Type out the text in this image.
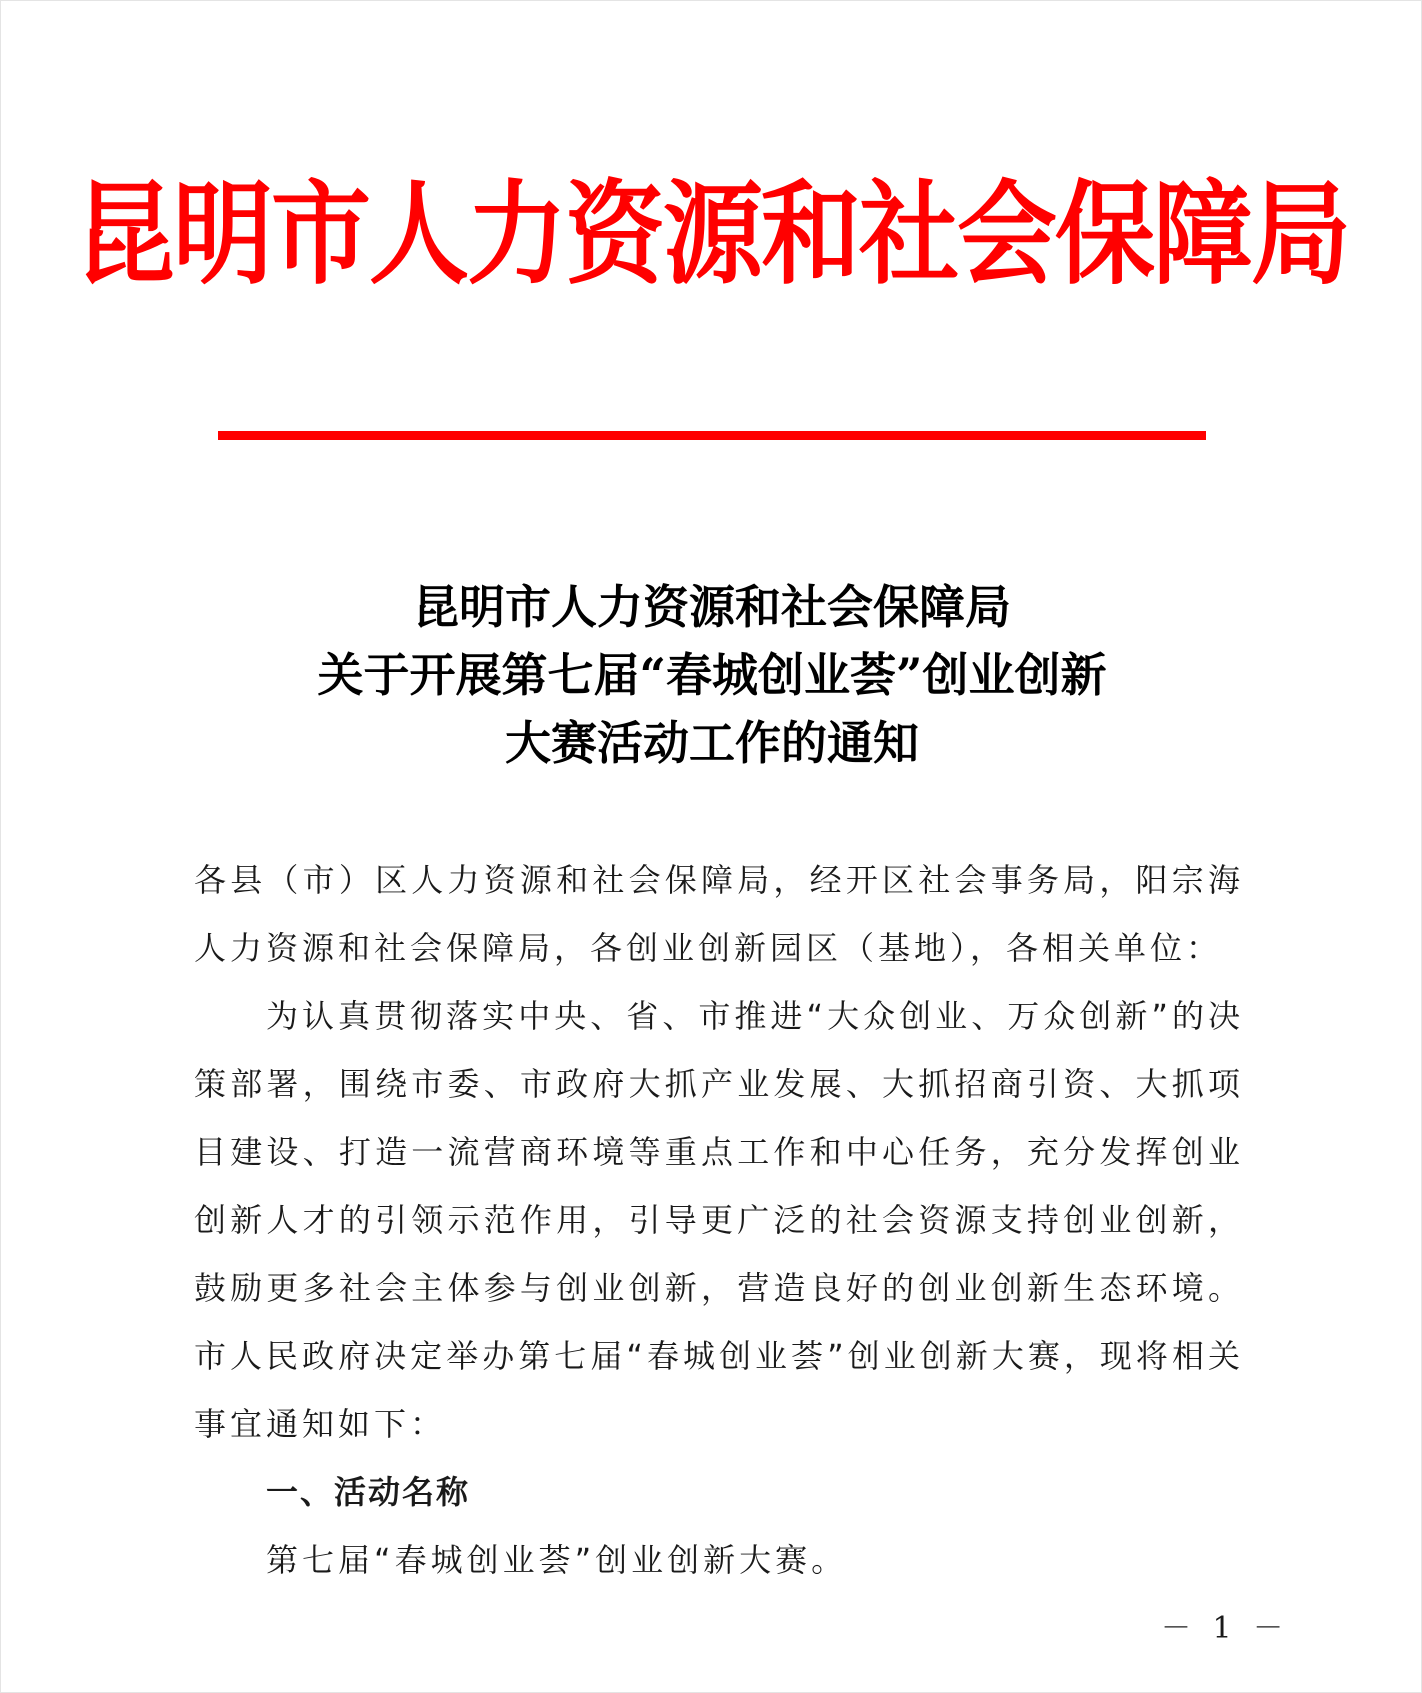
昆明市人力资源和社会保障局
昆明市人力资源和社会保障局
关于开展第七届“春城创业荟”创业创新
大赛活动工作的通知

各县（市）区人力资源和社会保障局，经开区社会事务局，阳宗海人力资源和社会保障局，各创业创新园区（基地），各相关单位：

为认真贯彻落实中央、省、市推进“大众创业、万众创新”的决策部署，围绕市委、市政府大抓产业发展、大抓招商引资、大抓项目建设、打造一流营商环境等重点工作和中心任务，充分发挥创业创新人才的引领示范作用，引导更广泛的社会资源支持创业创新，鼓励更多社会主体参与创业创新，营造良好的创业创新生态环境。市人民政府决定举办第七届“春城创业荟”创业创新大赛，现将相关事宜通知如下：

一、活动名称

第七届“春城创业荟”创业创新大赛。

－ 1 －
